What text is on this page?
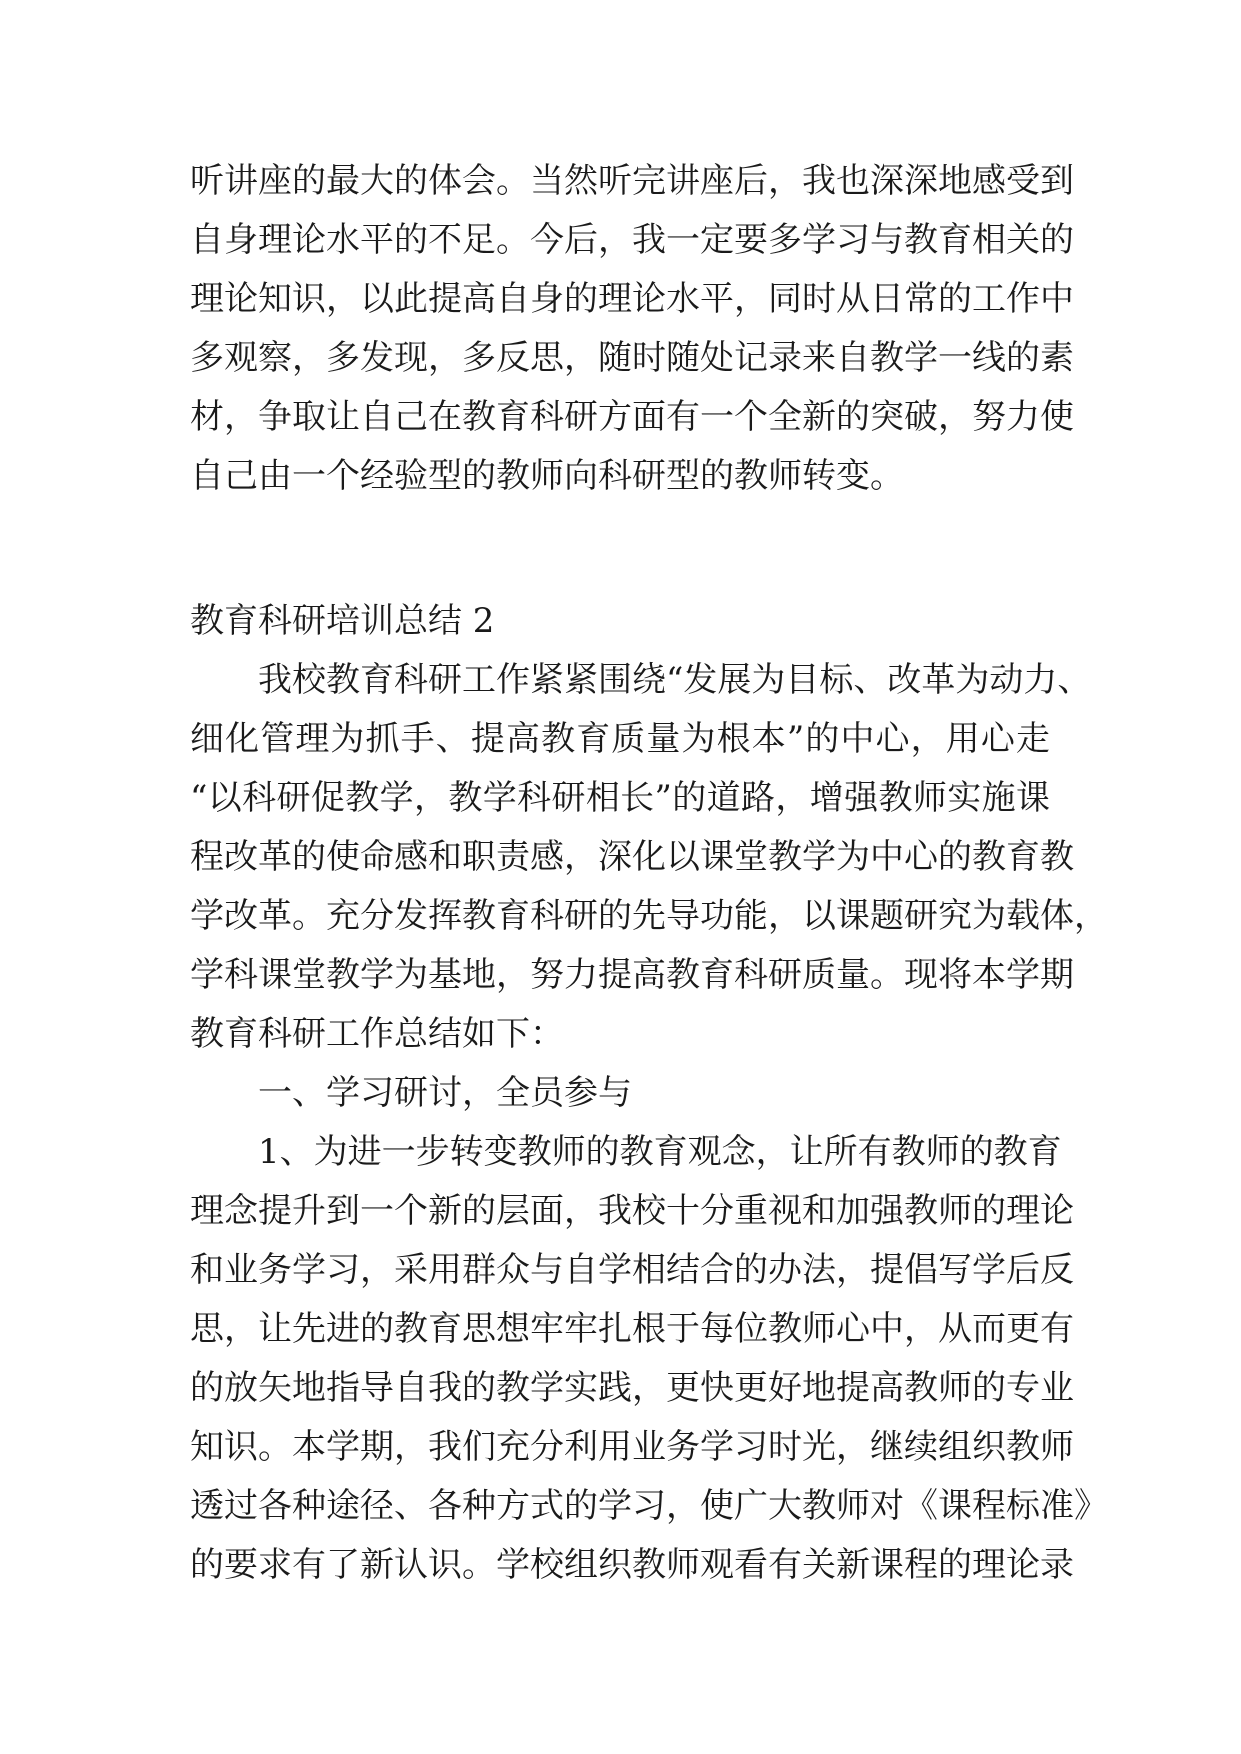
听讲座的最大的体会。当然听完讲座后，我也深深地感受到
自身理论水平的不足。今后，我一定要多学习与教育相关的
理论知识，以此提高自身的理论水平，同时从日常的工作中
多观察，多发现，多反思，随时随处记录来自教学一线的素
材，争取让自己在教育科研方面有一个全新的突破，努力使
自己由一个经验型的教师向科研型的教师转变。
教育科研培训总结 2
我校教育科研工作紧紧围绕“发展为目标、改革为动力、
细化管理为抓手、提高教育质量为根本”的中心，用心走
“以科研促教学，教学科研相长”的道路，增强教师实施课
程改革的使命感和职责感，深化以课堂教学为中心的教育教
学改革。充分发挥教育科研的先导功能，以课题研究为载体，
学科课堂教学为基地，努力提高教育科研质量。现将本学期
教育科研工作总结如下：
一、学习研讨，全员参与
1、为进一步转变教师的教育观念，让所有教师的教育
理念提升到一个新的层面，我校十分重视和加强教师的理论
和业务学习，采用群众与自学相结合的办法，提倡写学后反
思，让先进的教育思想牢牢扎根于每位教师心中，从而更有
的放矢地指导自我的教学实践，更快更好地提高教师的专业
知识。本学期，我们充分利用业务学习时光，继续组织教师
透过各种途径、各种方式的学习，使广大教师对《课程标准》
的要求有了新认识。学校组织教师观看有关新课程的理论录
